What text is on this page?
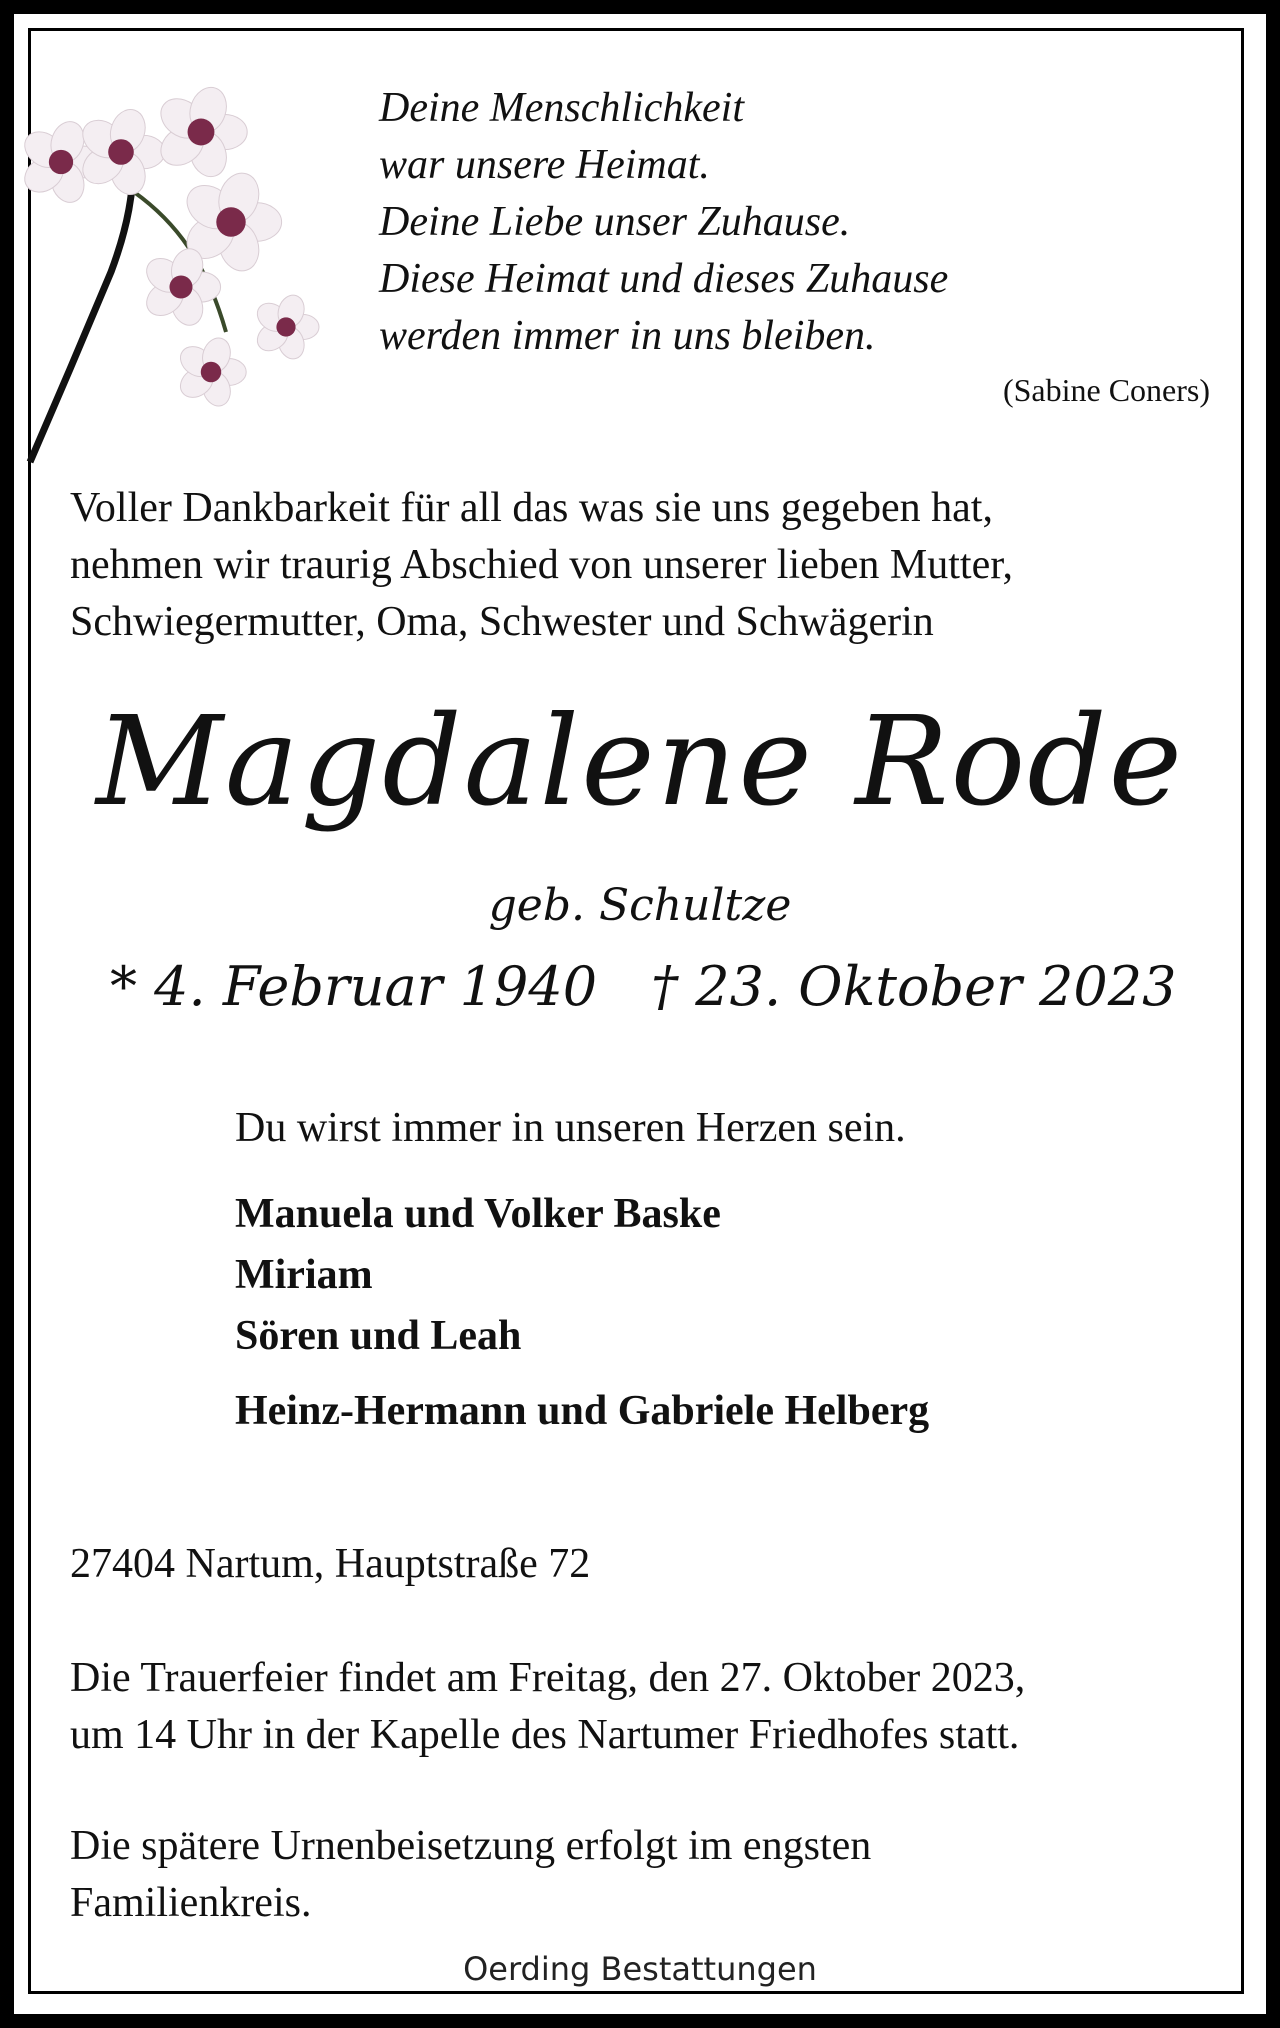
Deine Menschlichkeit
war unsere Heimat.
Deine Liebe unser Zuhause.
Diese Heimat und dieses Zuhause
werden immer in uns bleiben.
(Sabine Coners)
Voller Dankbarkeit für all das was sie uns gegeben hat,
nehmen wir traurig Abschied von unserer lieben Mutter,
Schwiegermutter, Oma, Schwester und Schwägerin
Magdalene Rode
geb. Schultze
* 4. Februar 1940 † 23. Oktober 2023
Du wirst immer in unseren Herzen sein.
Manuela und Volker Baske
Miriam
Sören und Leah
Heinz-Hermann und Gabriele Helberg
27404 Nartum, Hauptstraße 72
Die Trauerfeier findet am Freitag, den 27. Oktober 2023,
um 14 Uhr in der Kapelle des Nartumer Friedhofes statt.
Die spätere Urnenbeisetzung erfolgt im engsten
Familienkreis.
Oerding Bestattungen
